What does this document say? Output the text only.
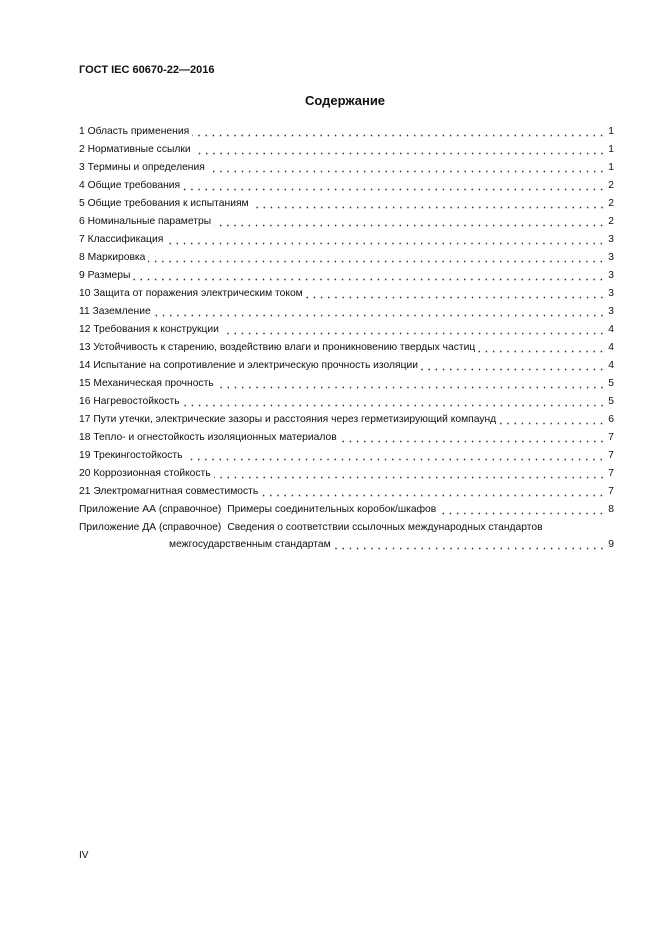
ГОСТ IEC 60670-22—2016
Содержание
1 Область применения	1
2 Нормативные ссылки	1
3 Термины и определения	1
4 Общие требования	2
5 Общие требования к испытаниям	2
6 Номинальные параметры	2
7 Классификация	3
8 Маркировка	3
9 Размеры	3
10 Защита от поражения электрическим током	3
11 Заземление	3
12 Требования к конструкции	4
13 Устойчивость к старению, воздействию влаги и проникновению твердых частиц	4
14 Испытание на сопротивление и электрическую прочность изоляции	4
15 Механическая прочность	5
16 Нагревостойкость	5
17 Пути утечки, электрические зазоры и расстояния через герметизирующий компаунд	6
18 Тепло- и огнестойкость изоляционных материалов	7
19 Трекингостойкость	7
20 Коррозионная стойкость	7
21 Электромагнитная совместимость	7
Приложение АА (справочное) Примеры соединительных коробок/шкафов	8
Приложение ДА (справочное) Сведения о соответствии ссылочных международных стандартов
межгосударственным стандартам	9
IV
